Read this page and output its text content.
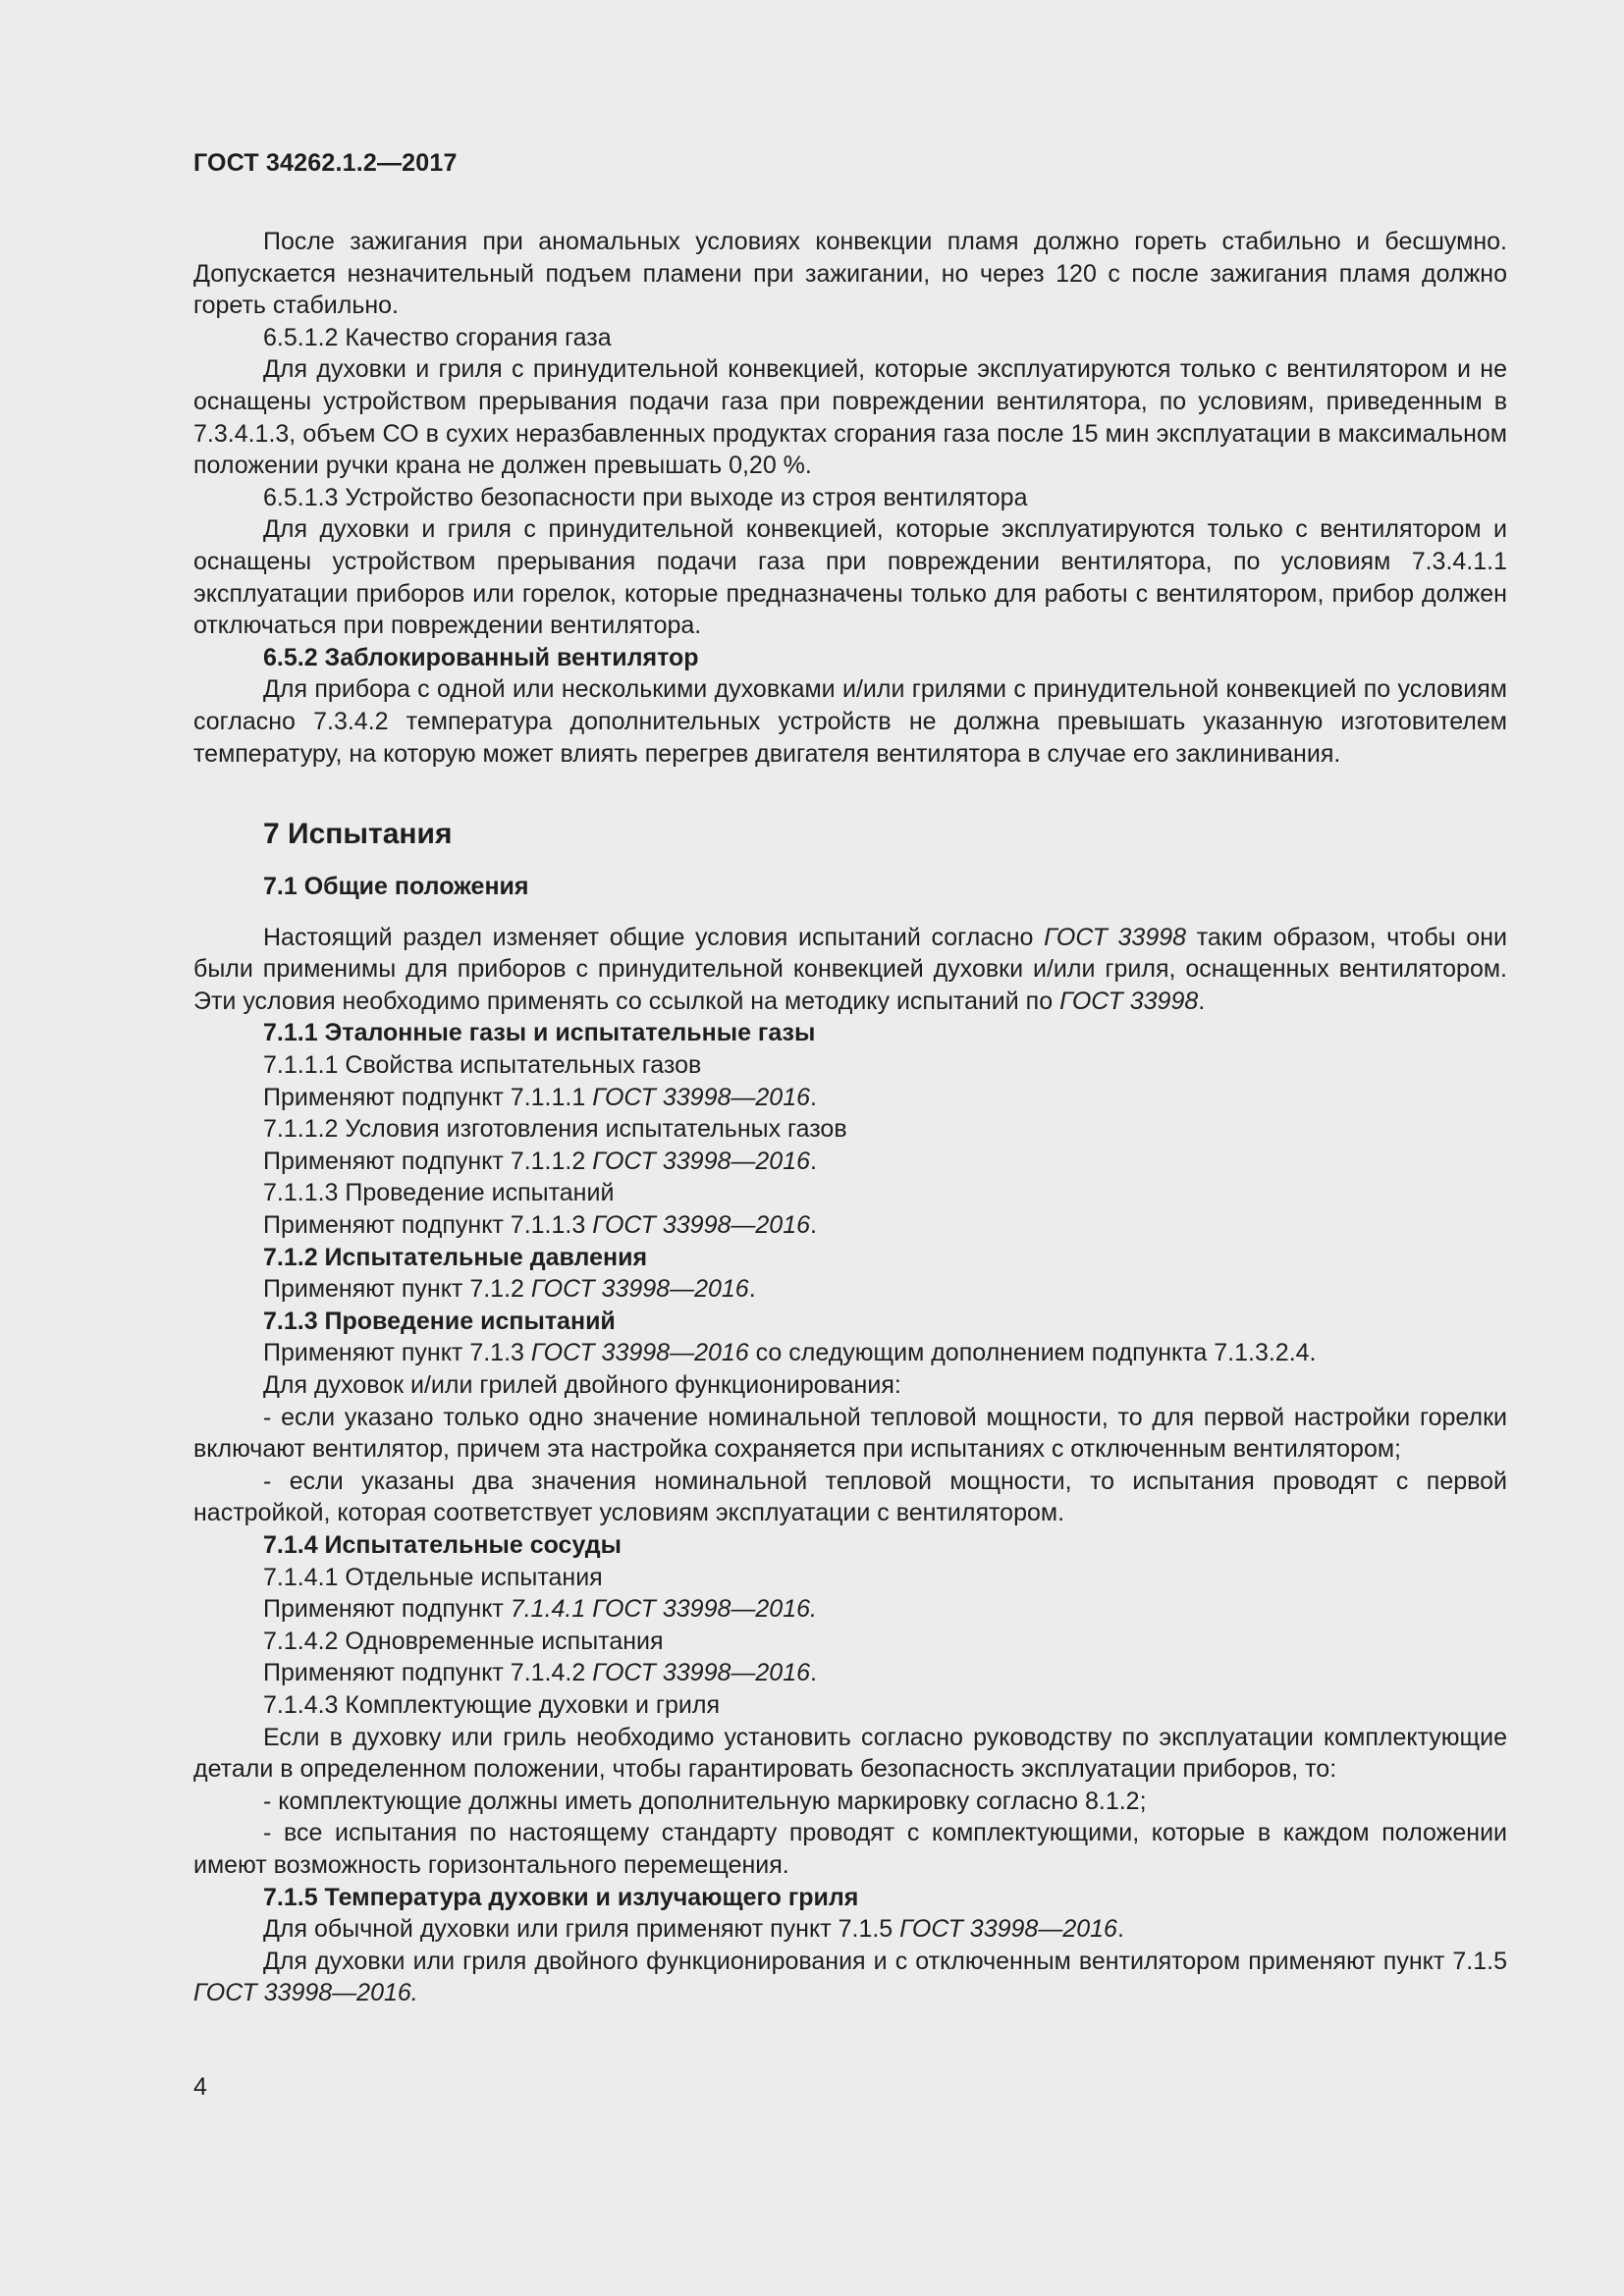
ГОСТ 34262.1.2—2017

После зажигания при аномальных условиях конвекции пламя должно гореть стабильно и бесшумно. Допускается незначительный подъем пламени при зажигании, но через 120 с после зажигания пламя должно гореть стабильно.

6.5.1.2 Качество сгорания газа

Для духовки и гриля с принудительной конвекцией, которые эксплуатируются только с вентилятором и не оснащены устройством прерывания подачи газа при повреждении вентилятора, по условиям, приведенным в 7.3.4.1.3, объем СО в сухих неразбавленных продуктах сгорания газа после 15 мин эксплуатации в максимальном положении ручки крана не должен превышать 0,20 %.

6.5.1.3 Устройство безопасности при выходе из строя вентилятора

Для духовки и гриля с принудительной конвекцией, которые эксплуатируются только с вентилятором и оснащены устройством прерывания подачи газа при повреждении вентилятора, по условиям 7.3.4.1.1 эксплуатации приборов или горелок, которые предназначены только для работы с вентилятором, прибор должен отключаться при повреждении вентилятора.

6.5.2 Заблокированный вентилятор

Для прибора с одной или несколькими духовками и/или грилями с принудительной конвекцией по условиям согласно 7.3.4.2 температура дополнительных устройств не должна превышать указанную изготовителем температуру, на которую может влиять перегрев двигателя вентилятора в случае его заклинивания.

7 Испытания
7.1 Общие положения

Настоящий раздел изменяет общие условия испытаний согласно ГОСТ 33998 таким образом, чтобы они были применимы для приборов с принудительной конвекцией духовки и/или гриля, оснащенных вентилятором. Эти условия необходимо применять со ссылкой на методику испытаний по ГОСТ 33998.

7.1.1 Эталонные газы и испытательные газы

7.1.1.1 Свойства испытательных газов

Применяют подпункт 7.1.1.1 ГОСТ 33998—2016.

7.1.1.2 Условия изготовления испытательных газов

Применяют подпункт 7.1.1.2 ГОСТ 33998—2016.

7.1.1.3 Проведение испытаний

Применяют подпункт 7.1.1.3 ГОСТ 33998—2016.

7.1.2 Испытательные давления

Применяют пункт 7.1.2 ГОСТ 33998—2016.

7.1.3 Проведение испытаний

Применяют пункт 7.1.3 ГОСТ 33998—2016 со следующим дополнением подпункта 7.1.3.2.4.

Для духовок и/или грилей двойного функционирования:

- если указано только одно значение номинальной тепловой мощности, то для первой настройки горелки включают вентилятор, причем эта настройка сохраняется при испытаниях с отключенным вентилятором;

- если указаны два значения номинальной тепловой мощности, то испытания проводят с первой настройкой, которая соответствует условиям эксплуатации с вентилятором.

7.1.4 Испытательные сосуды

7.1.4.1 Отдельные испытания

Применяют подпункт 7.1.4.1 ГОСТ 33998—2016.

7.1.4.2 Одновременные испытания

Применяют подпункт 7.1.4.2 ГОСТ 33998—2016.

7.1.4.3 Комплектующие духовки и гриля

Если в духовку или гриль необходимо установить согласно руководству по эксплуатации комплектующие детали в определенном положении, чтобы гарантировать безопасность эксплуатации приборов, то:

- комплектующие должны иметь дополнительную маркировку согласно 8.1.2;

- все испытания по настоящему стандарту проводят с комплектующими, которые в каждом положении имеют возможность горизонтального перемещения.

7.1.5 Температура духовки и излучающего гриля

Для обычной духовки или гриля применяют пункт 7.1.5 ГОСТ 33998—2016.

Для духовки или гриля двойного функционирования и с отключенным вентилятором применяют пункт 7.1.5 ГОСТ 33998—2016.

4
